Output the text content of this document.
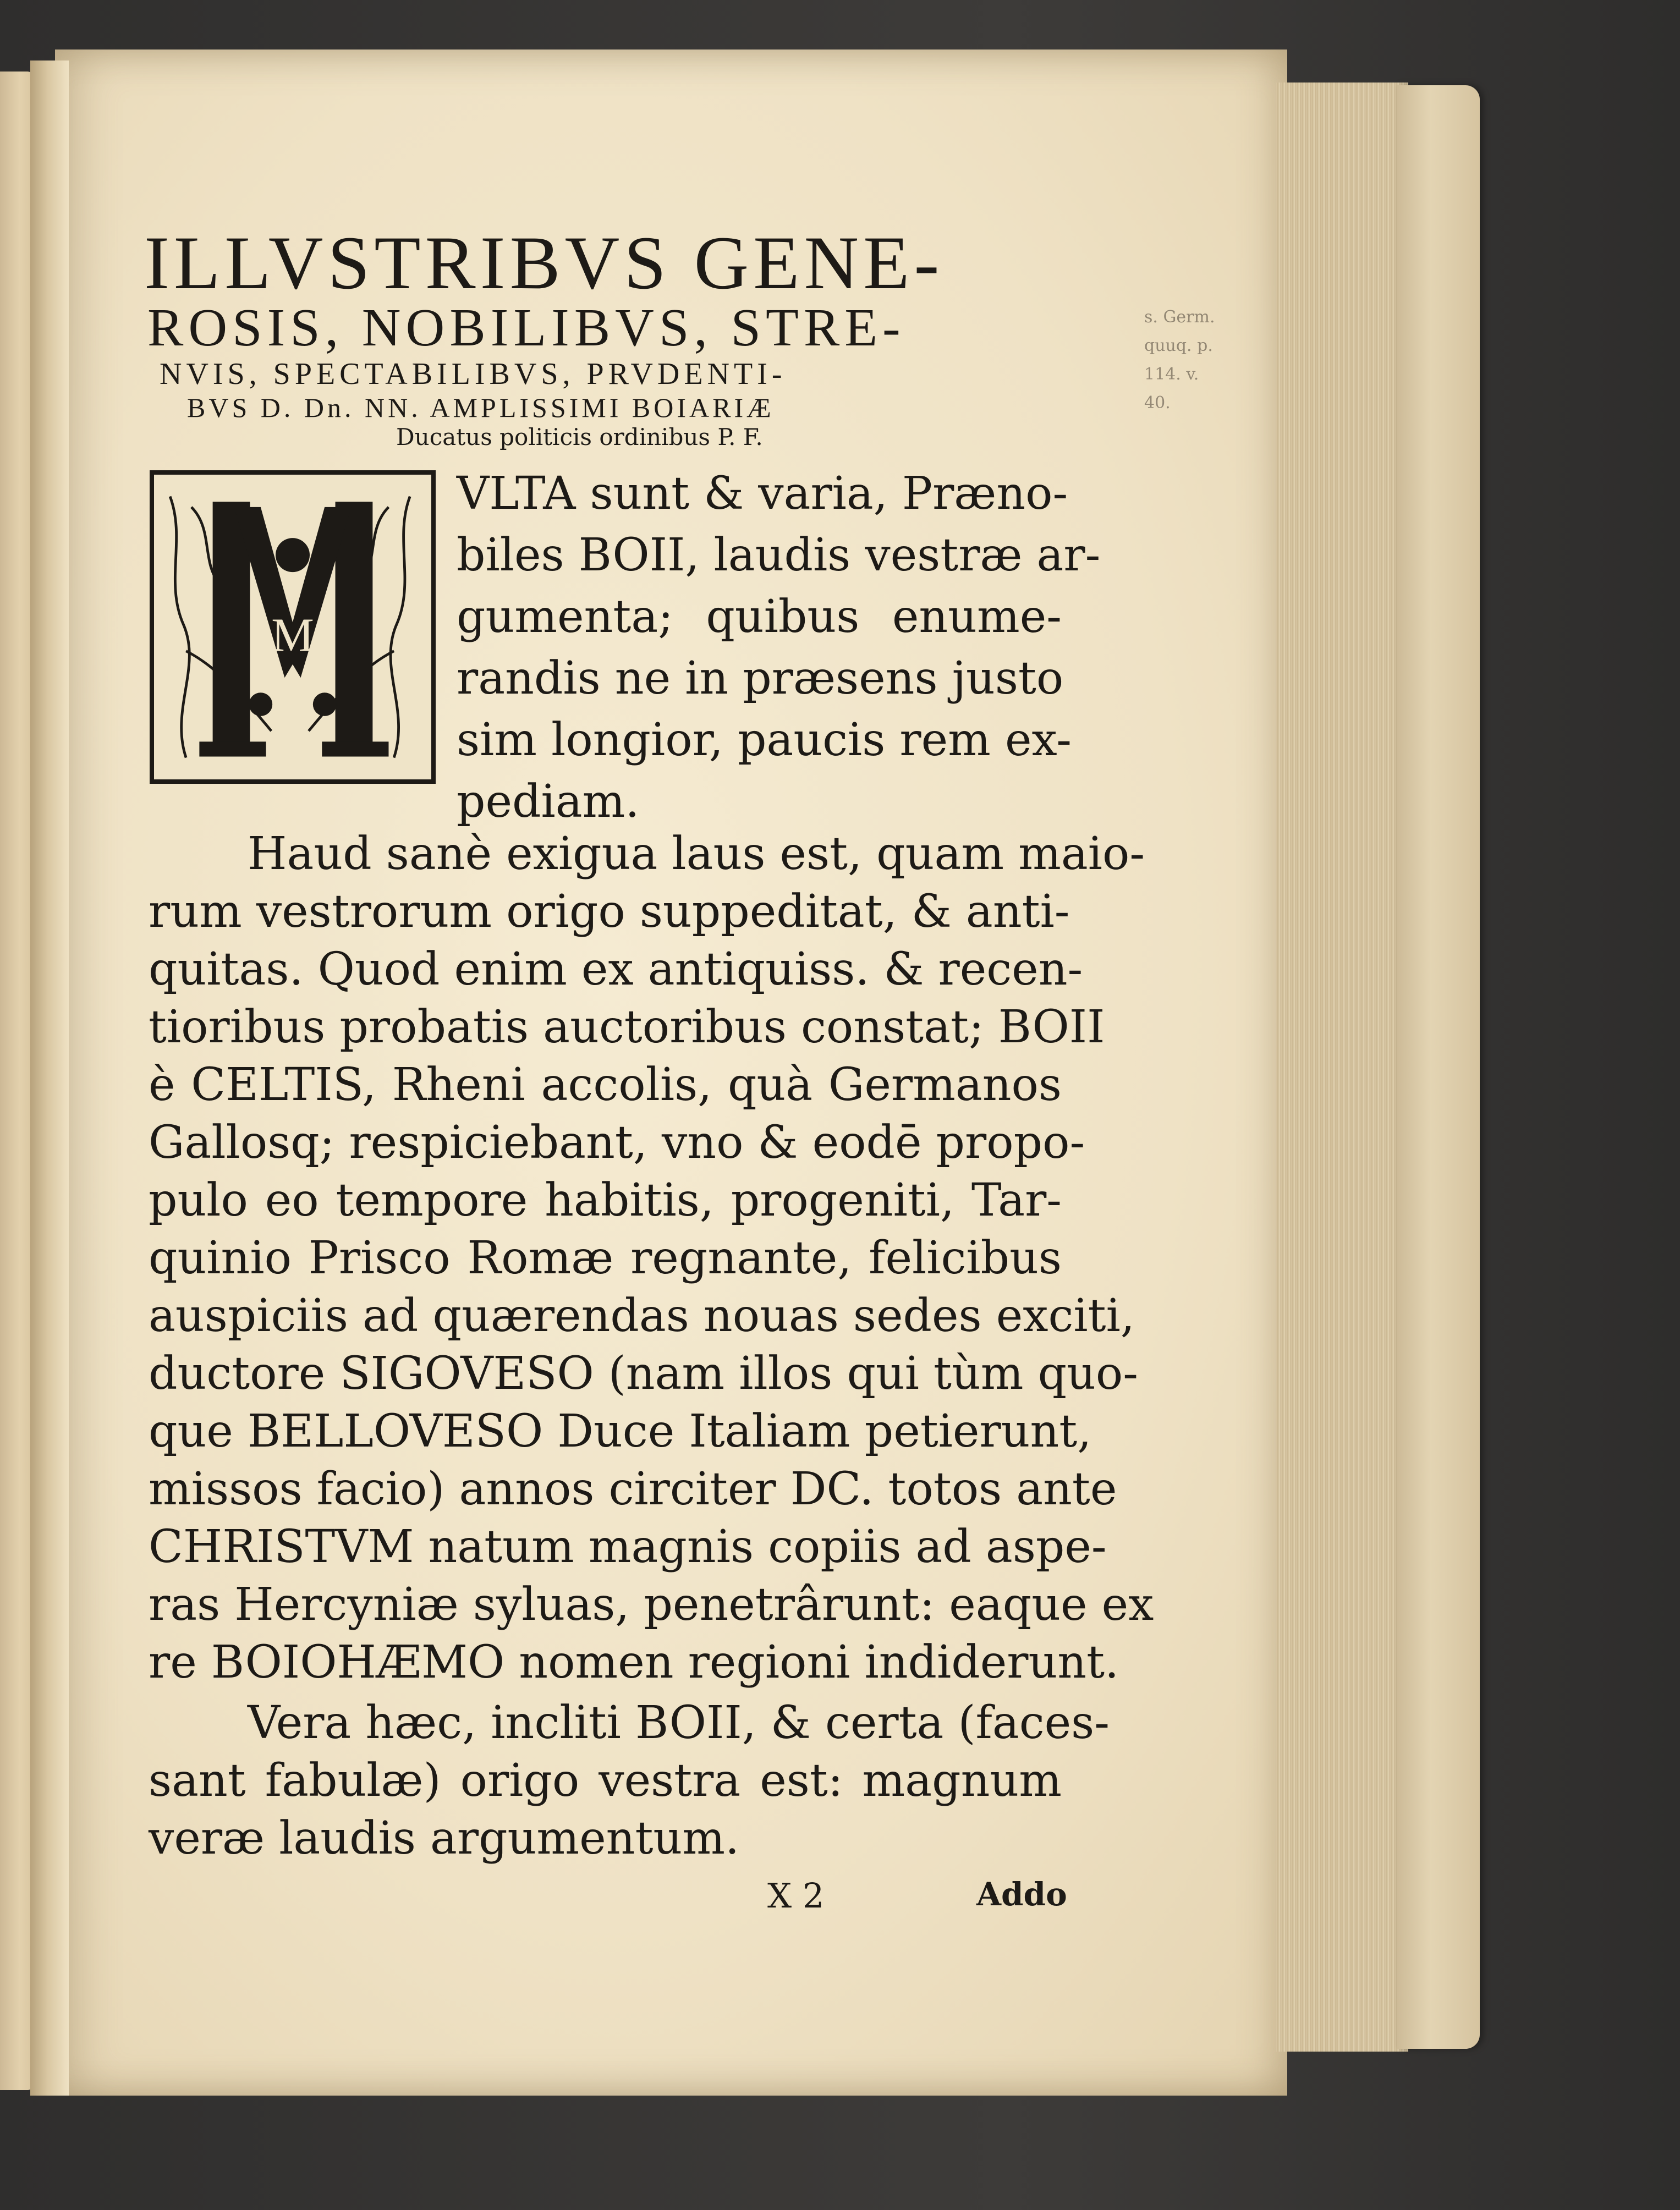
s. Germ.
quuq. p.
114. v.
40.
ILLVSTRIBVS GENE-
ROSIS, NOBILIBVS, STRE-
NVIS, SPECTABILIBVS, PRVDENTI-
BVS D. Dn. NN. AMPLISSIMI BOIARIÆ
Ducatus politicis ordinibus P. F.
M

VLTA sunt & varia, Præno-
biles BOII, laudis vestræ ar-
gumenta; quibus enume-
randis ne in præsens justo
sim longior, paucis rem ex-
pediam.
Haud sanè exigua laus est, quam maio-
rum vestrorum origo suppeditat, & anti-
quitas. Quod enim ex antiquiss. & recen-
tioribus probatis auctoribus constat; BOII
è CELTIS, Rheni accolis, quà Germanos
Gallosq; respiciebant, vno & eodē propo-
pulo eo tempore habitis, progeniti, Tar-
quinio Prisco Romæ regnante, felicibus
auspiciis ad quærendas nouas sedes exciti,
ductore SIGOVESO (nam illos qui tùm quo-
que BELLOVESO Duce Italiam petierunt,
missos facio) annos circiter DC. totos ante
CHRISTVM natum magnis copiis ad aspe-
ras Hercyniæ syluas, penetrârunt: eaque ex
re BOIOHÆMO nomen regioni indiderunt.
Vera hæc, incliti BOII, & certa (faces-
sant fabulæ) origo vestra est: magnum
veræ laudis argumentum.
X 2	Addo
